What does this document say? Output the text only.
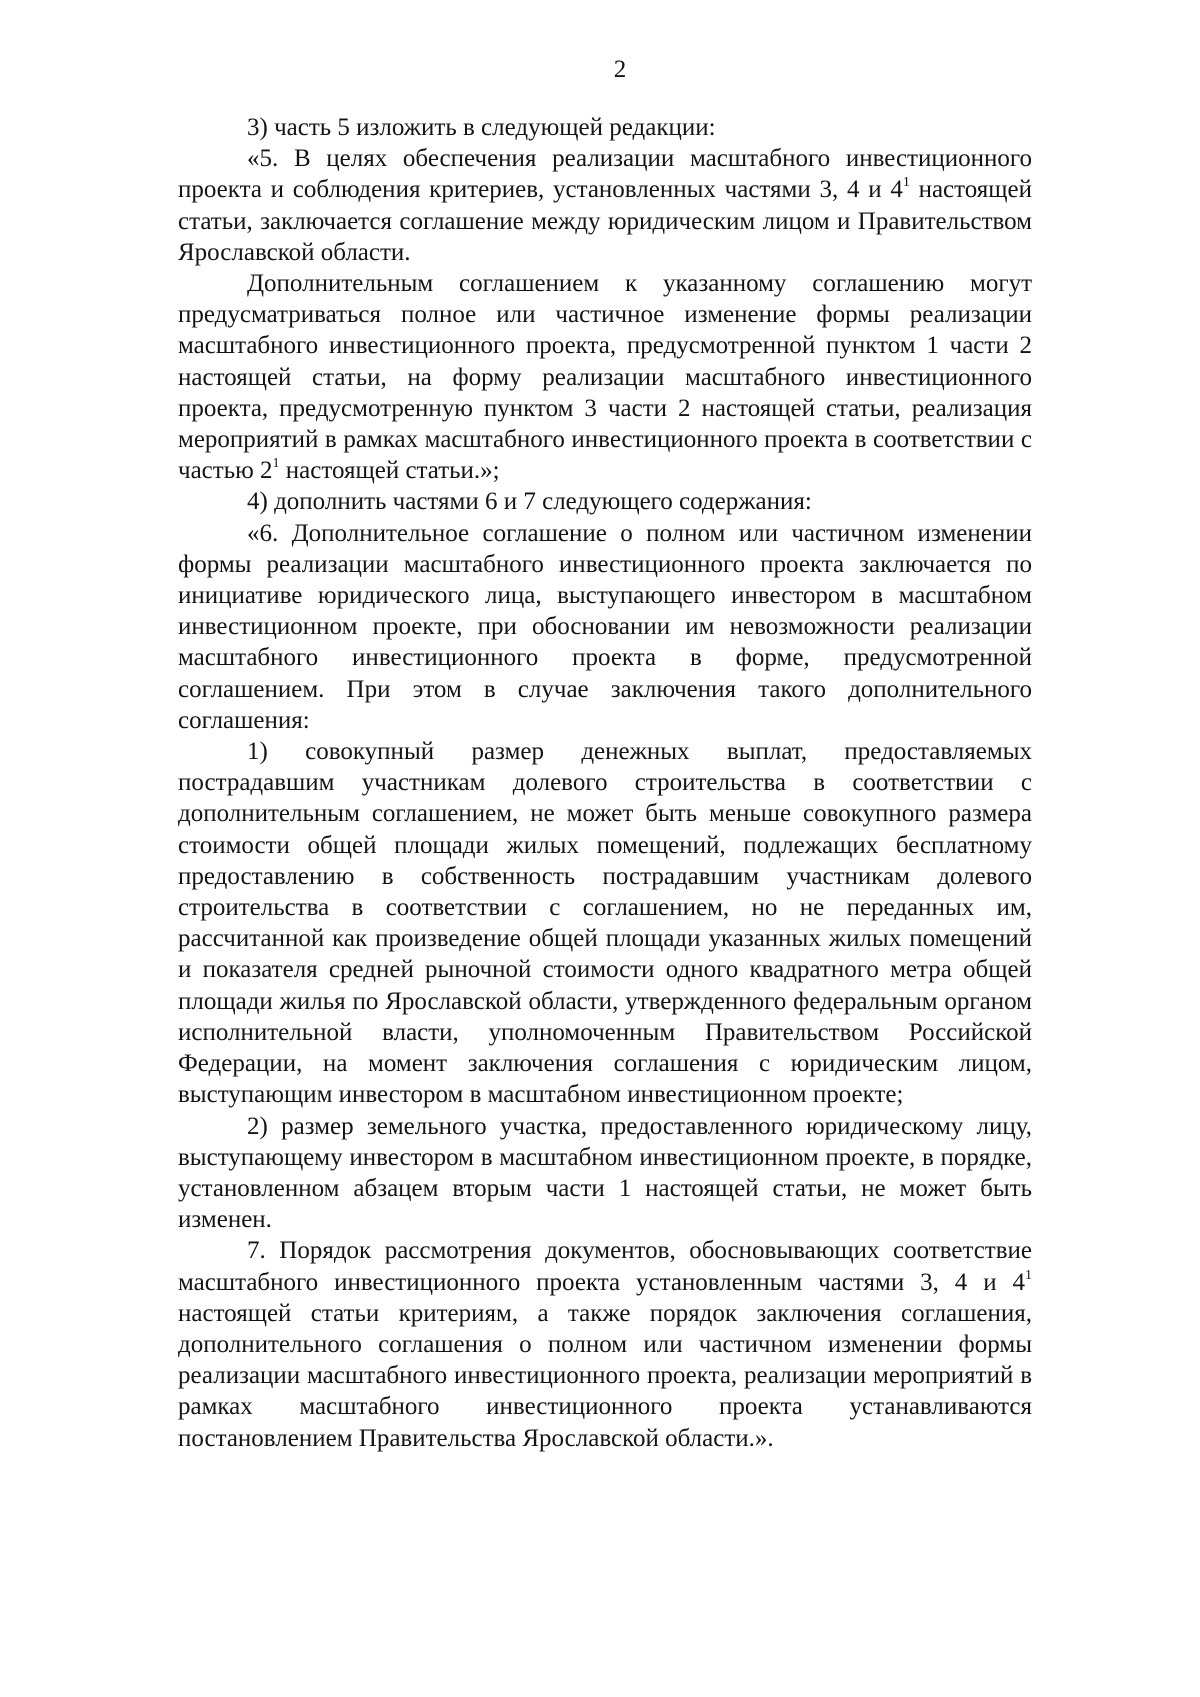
2

3) часть 5 изложить в следующей редакции:

«5. В целях обеспечения реализации масштабного инвестиционного проекта и соблюдения критериев, установленных частями 3, 4 и $4^1$ настоящей статьи, заключается соглашение между юридическим лицом и Правительством Ярославской области.

Дополнительным соглашением к указанному соглашению могут предусматриваться полное или частичное изменение формы реализации масштабного инвестиционного проекта, предусмотренной пунктом 1 части 2 настоящей статьи, на форму реализации масштабного инвестиционного проекта, предусмотренную пунктом 3 части 2 настоящей статьи, реализация мероприятий в рамках масштабного инвестиционного проекта в соответствии с частью $2^1$ настоящей статьи.»;

4) дополнить частями 6 и 7 следующего содержания:

«6. Дополнительное соглашение о полном или частичном изменении формы реализации масштабного инвестиционного проекта заключается по инициативе юридического лица, выступающего инвестором в масштабном инвестиционном проекте, при обосновании им невозможности реализации масштабного инвестиционного проекта в форме, предусмотренной соглашением. При этом в случае заключения такого дополнительного соглашения:

1) совокупный размер денежных выплат, предоставляемых пострадавшим участникам долевого строительства в соответствии с дополнительным соглашением, не может быть меньше совокупного размера стоимости общей площади жилых помещений, подлежащих бесплатному предоставлению в собственность пострадавшим участникам долевого строительства в соответствии с соглашением, но не переданных им, рассчитанной как произведение общей площади указанных жилых помещений и показателя средней рыночной стоимости одного квадратного метра общей площади жилья по Ярославской области, утвержденного федеральным органом исполнительной власти, уполномоченным Правительством Российской Федерации, на момент заключения соглашения с юридическим лицом, выступающим инвестором в масштабном инвестиционном проекте;

2) размер земельного участка, предоставленного юридическому лицу, выступающему инвестором в масштабном инвестиционном проекте, в порядке, установленном абзацем вторым части 1 настоящей статьи, не может быть изменен.

7. Порядок рассмотрения документов, обосновывающих соответствие масштабного инвестиционного проекта установленным частями 3, 4 и $4^1$ настоящей статьи критериям, а также порядок заключения соглашения, дополнительного соглашения о полном или частичном изменении формы реализации масштабного инвестиционного проекта, реализации мероприятий в рамках масштабного инвестиционного проекта устанавливаются постановлением Правительства Ярославской области.».
